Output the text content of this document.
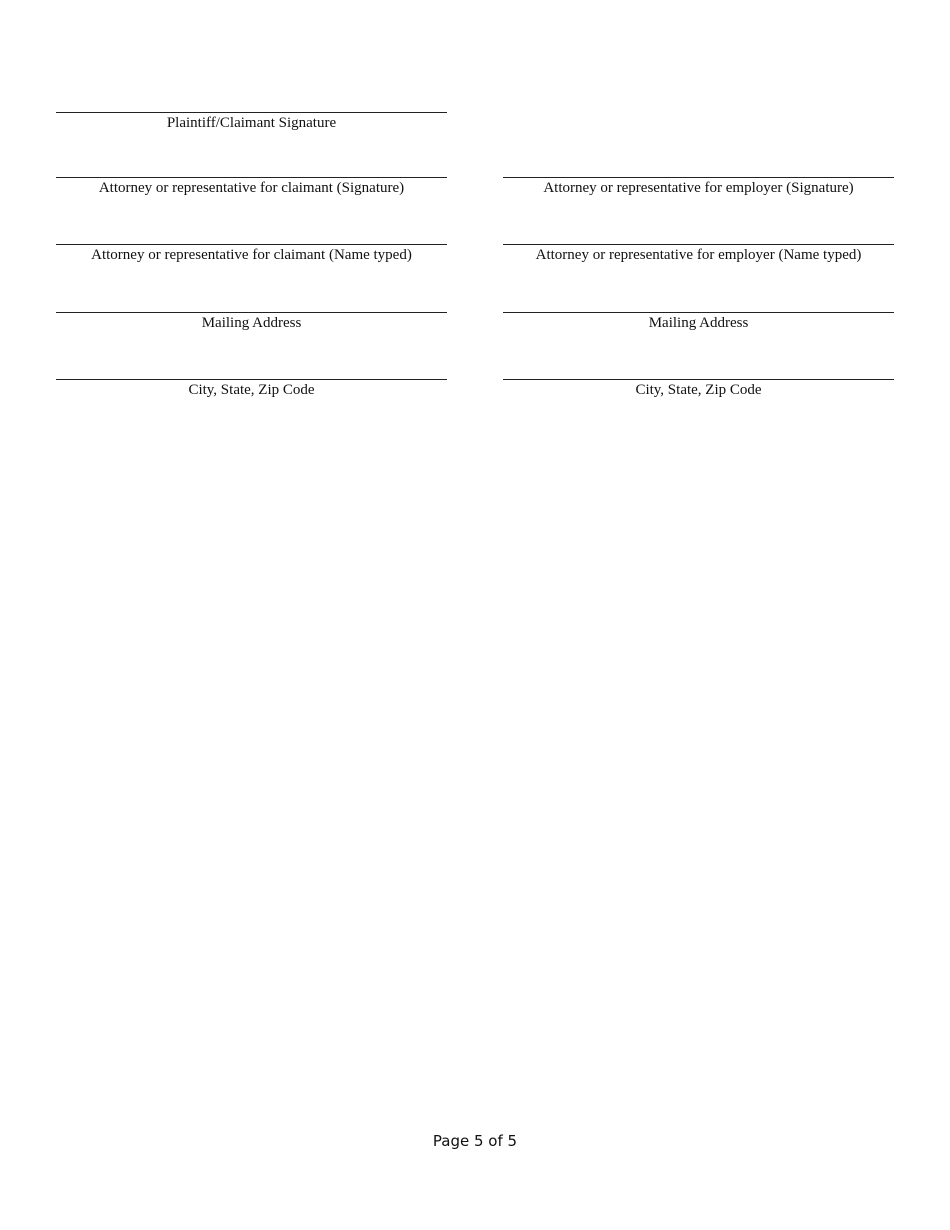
Plaintiff/Claimant Signature
Attorney or representative for claimant (Signature)
Attorney or representative for claimant (Name typed)
Mailing Address
City, State, Zip Code
Attorney or representative for employer (Signature)
Attorney or representative for employer (Name typed)
Mailing Address
City, State, Zip Code
Page 5 of 5
